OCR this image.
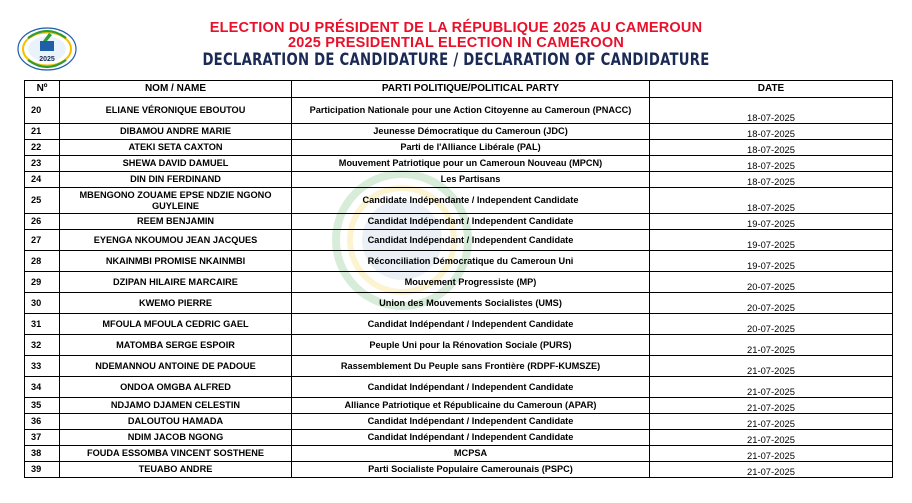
2025
ELECTION DU PRÉSIDENT DE LA RÉPUBLIQUE 2025 AU CAMEROUN
2025 PRESIDENTIAL ELECTION IN CAMEROON
DECLARATION DE CANDIDATURE / DECLARATION OF CANDIDATURE
Nº	NOM / NAME	PARTI POLITIQUE/POLITICAL PARTY	DATE
20	ELIANE VÉRONIQUE EBOUTOU	Participation Nationale pour une Action Citoyenne au Cameroun (PNACC)	18-07-2025
21	DIBAMOU ANDRE MARIE	Jeunesse Démocratique du Cameroun (JDC)	18-07-2025
22	ATEKI SETA CAXTON	Parti de l'Alliance Libérale (PAL)	18-07-2025
23	SHEWA DAVID DAMUEL	Mouvement Patriotique pour un Cameroun Nouveau (MPCN)	18-07-2025
24	DIN DIN FERDINAND	Les Partisans	18-07-2025
25	MBENGONO ZOUAME EPSE NDZIE NGONO GUYLEINE	Candidate Indépendante / Independent Candidate	18-07-2025
26	REEM BENJAMIN	Candidat Indépendant / Independent Candidate	19-07-2025
27	EYENGA NKOUMOU JEAN JACQUES	Candidat Indépendant / Independent Candidate	19-07-2025
28	NKAINMBI PROMISE NKAINMBI	Réconciliation Démocratique du Cameroun Uni	19-07-2025
29	DZIPAN HILAIRE MARCAIRE	Mouvement Progressiste (MP)	20-07-2025
30	KWEMO PIERRE	Union des Mouvements Socialistes (UMS)	20-07-2025
31	MFOULA MFOULA CEDRIC GAEL	Candidat Indépendant / Independent Candidate	20-07-2025
32	MATOMBA SERGE ESPOIR	Peuple Uni pour la Rénovation Sociale (PURS)	21-07-2025
33	NDEMANNOU ANTOINE DE PADOUE	Rassemblement Du Peuple sans Frontière (RDPF-KUMSZE)	21-07-2025
34	ONDOA OMGBA ALFRED	Candidat Indépendant / Independent Candidate	21-07-2025
35	NDJAMO DJAMEN CELESTIN	Alliance Patriotique et Républicaine du Cameroun (APAR)	21-07-2025
36	DALOUTOU HAMADA	Candidat Indépendant / Independent Candidate	21-07-2025
37	NDIM JACOB NGONG	Candidat Indépendant / Independent Candidate	21-07-2025
38	FOUDA ESSOMBA VINCENT SOSTHENE	MCPSA	21-07-2025
39	TEUABO ANDRE	Parti Socialiste Populaire Camerounais (PSPC)	21-07-2025
